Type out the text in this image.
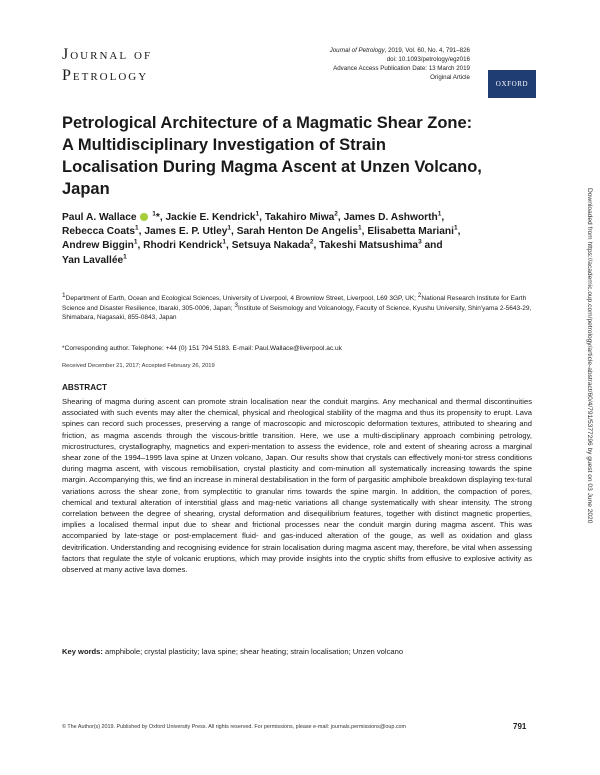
Journal of
Petrology
Journal of Petrology, 2019, Vol. 60, No. 4, 791–826
doi: 10.1093/petrology/egz016
Advance Access Publication Date: 13 March 2019
Original Article
OXFORD
Petrological Architecture of a Magmatic Shear Zone: A Multidisciplinary Investigation of Strain Localisation During Magma Ascent at Unzen Volcano, Japan
Paul A. Wallace $^1$*, Jackie E. Kendrick$^1$, Takahiro Miwa$^2$, James D. Ashworth$^1$, Rebecca Coats$^1$, James E. P. Utley$^1$, Sarah Henton De Angelis$^1$, Elisabetta Mariani$^1$, Andrew Biggin$^1$, Rhodri Kendrick$^1$, Setsuya Nakada$^2$, Takeshi Matsushima$^3$ and Yan Lavallée$^1$
$^1$Department of Earth, Ocean and Ecological Sciences, University of Liverpool, 4 Brownlow Street, Liverpool, L69 3GP, UK; $^2$National Research Institute for Earth Science and Disaster Resilience, Ibaraki, 305-0006, Japan; $^3$Institute of Seismology and Volcanology, Faculty of Science, Kyushu University, Shin'yama 2-5643-29, Shimabara, Nagasaki, 855-0843, Japan
*Corresponding author. Telephone: +44 (0) 151 794 5183. E-mail: Paul.Wallace@liverpool.ac.uk
Received December 21, 2017; Accepted February 26, 2019
ABSTRACT
Shearing of magma during ascent can promote strain localisation near the conduit margins. Any mechanical and thermal discontinuities associated with such events may alter the chemical, physical and rheological stability of the magma and thus its propensity to erupt. Lava spines can record such processes, preserving a range of macroscopic and microscopic deformation textures, attributed to shearing and friction, as magma ascends through the viscous-brittle transition. Here, we use a multi-disciplinary approach combining petrology, microstructures, crystallography, magnetics and experi-mentation to assess the evidence, role and extent of shearing across a marginal shear zone of the 1994–1995 lava spine at Unzen volcano, Japan. Our results show that crystals can effectively moni-tor stress conditions during magma ascent, with viscous remobilisation, crystal plasticity and com-minution all systematically increasing towards the spine margin. Accompanying this, we find an increase in mineral destabilisation in the form of pargasitic amphibole breakdown displaying tex-tural variations across the shear zone, from symplectitic to granular rims towards the spine margin. In addition, the compaction of pores, chemical and textural alteration of interstitial glass and mag-netic variations all change systematically with shear intensity. The strong correlation between the degree of shearing, crystal deformation and disequilibrium features, together with distinct magnetic properties, implies a localised thermal input due to shear and frictional processes near the conduit margin during magma ascent. This was accompanied by late-stage or post-emplacement fluid- and gas-induced alteration of the gouge, as well as oxidation and glass devitrification. Understanding and recognising evidence for strain localisation during magma ascent may, therefore, be vital when assessing factors that regulate the style of volcanic eruptions, which may provide insights into the cryptic shifts from effusive to explosive activity as observed at many active lava domes.
Key words: amphibole; crystal plasticity; lava spine; shear heating; strain localisation; Unzen volcano
© The Author(s) 2019. Published by Oxford University Press. All rights reserved. For permissions, please e-mail: journals.permissions@oup.com	791
Downloaded from https://academic.oup.com/petrology/article-abstract/60/4/791/5377296 by guest on 03 June 2020
